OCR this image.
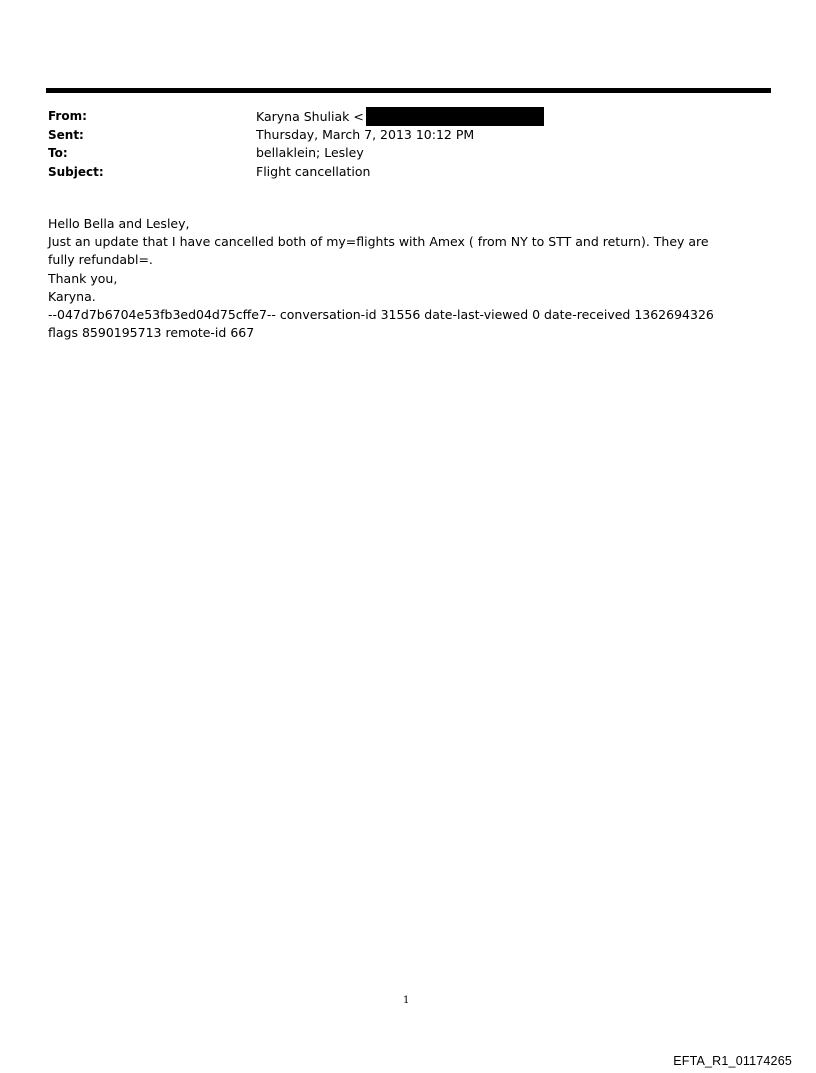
From:	Karyna Shuliak <
Sent:	Thursday, March 7, 2013 10:12 PM
To:	bellaklein; Lesley
Subject:	Flight cancellation

Hello Bella and Lesley,

Just an update that I have cancelled both of my=flights with Amex ( from NY to STT and return). They are fully refundabl=.

Thank you,

Karyna.

--047d7b6704e53fb3ed04d75cffe7-- conversation-id 31556 date-last-viewed 0 date-received 1362694326 flags 8590195713 remote-id 667

1
EFTA_R1_01174265
